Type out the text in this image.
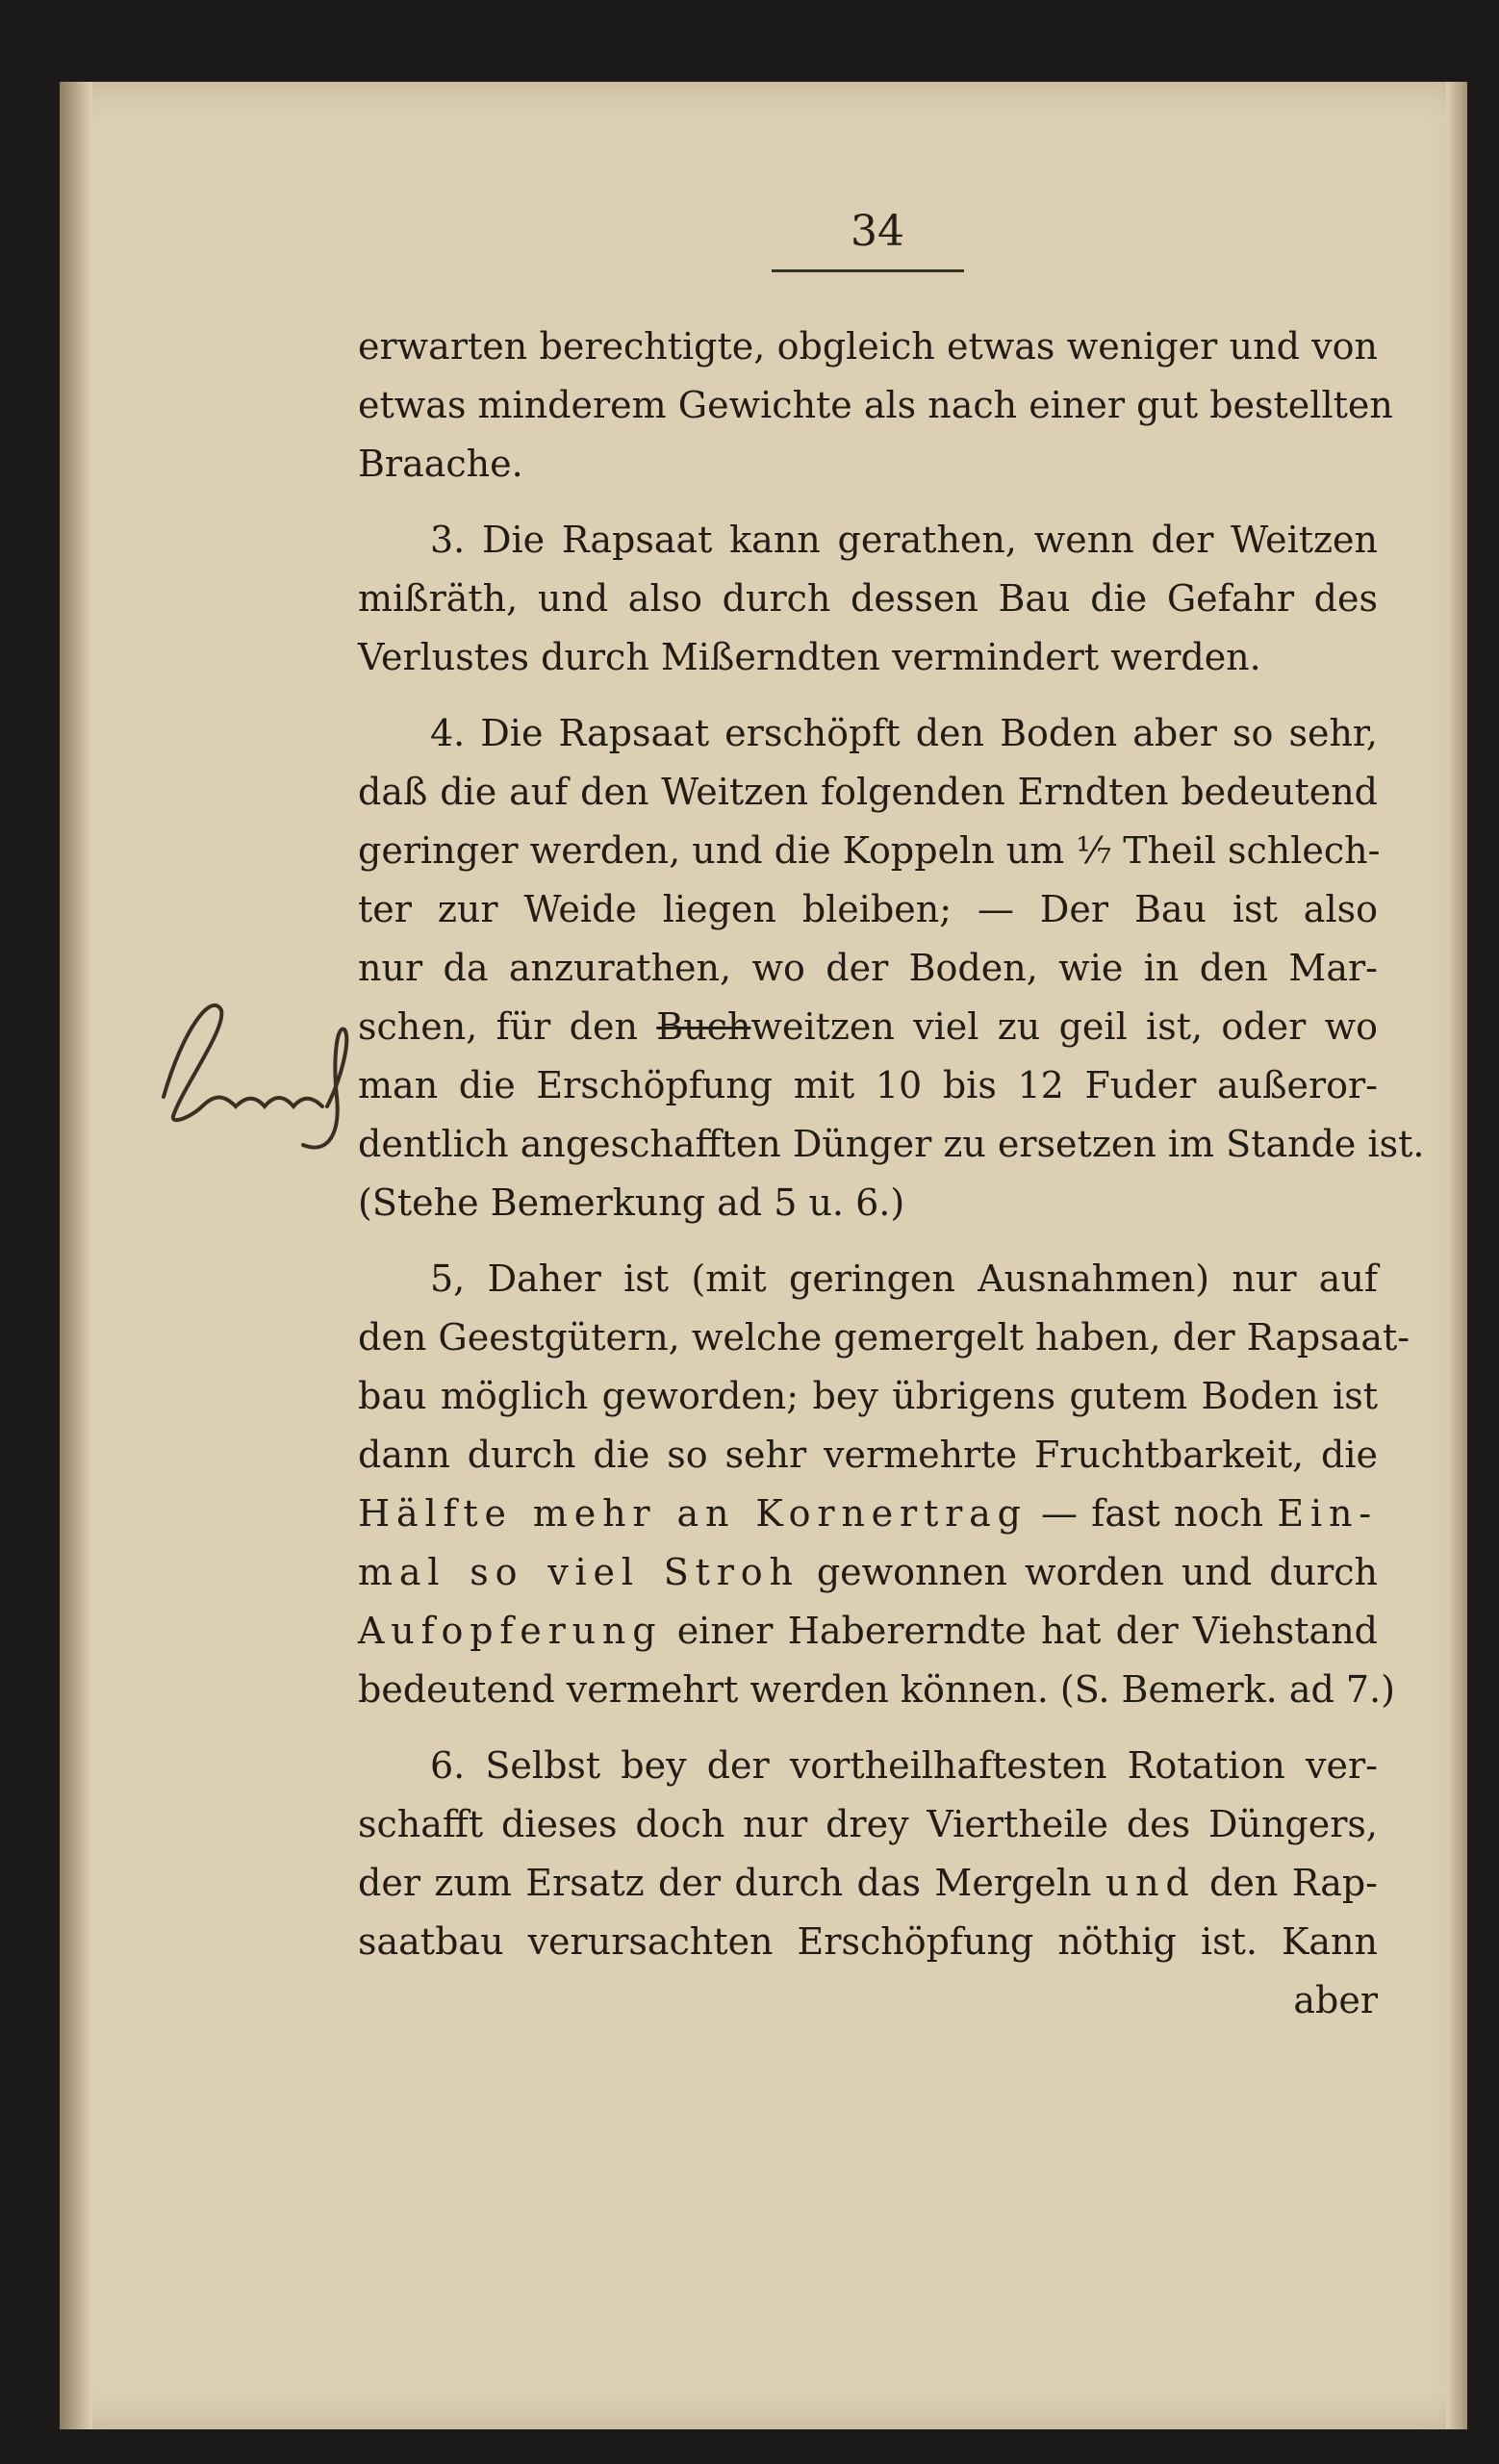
34
erwarten berechtigte, obgleich etwas weniger und von
etwas minderem Gewichte als nach einer gut bestellten
Braache.
3. Die Rapsaat kann gerathen, wenn der Weitzen
mißräth, und also durch dessen Bau die Gefahr des
Verlustes durch Mißerndten vermindert werden.
4. Die Rapsaat erschöpft den Boden aber so sehr,
daß die auf den Weitzen folgenden Erndten bedeutend
geringer werden, und die Koppeln um ⅐ Theil schlech-
ter zur Weide liegen bleiben; — Der Bau ist also
nur da anzurathen, wo der Boden, wie in den Mar-
schen, für den Buchweitzen viel zu geil ist, oder wo
man die Erschöpfung mit 10 bis 12 Fuder außeror-
dentlich angeschafften Dünger zu ersetzen im Stande ist.
(Stehe Bemerkung ad 5 u. 6.)
5, Daher ist (mit geringen Ausnahmen) nur auf
den Geestgütern, welche gemergelt haben, der Rapsaat-
bau möglich geworden; bey übrigens gutem Boden ist
dann durch die so sehr vermehrte Fruchtbarkeit, die
Hälfte mehr an Kornertrag — fast noch Ein-
mal so viel Stroh gewonnen worden und durch
Aufopferung einer Habererndte hat der Viehstand
bedeutend vermehrt werden können. (S. Bemerk. ad 7.)
6. Selbst bey der vortheilhaftesten Rotation ver-
schafft dieses doch nur drey Viertheile des Düngers,
der zum Ersatz der durch das Mergeln und den Rap-
saatbau verursachten Erschöpfung nöthig ist. Kann
aber
